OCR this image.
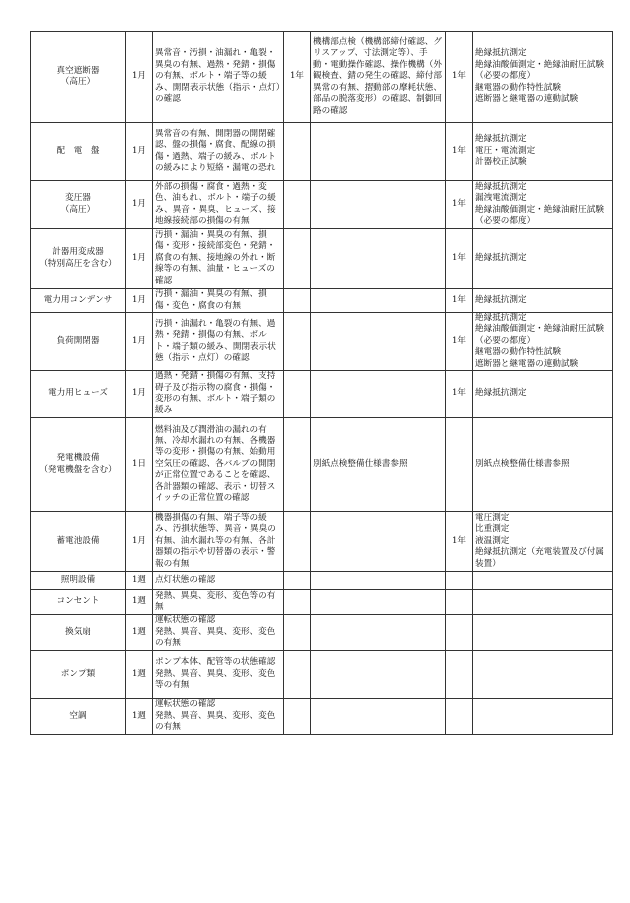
真空遮断器
（高圧）	1月	異常音・汚損・油漏れ・亀裂・異臭の有無、過熱・発錆・損傷の有無、ボルト・端子等の緩み、開閉表示状態（指示・点灯）の確認	1年	機構部点検（機構部締付確認、グリスアップ、寸法測定等）、手動・電動操作確認、操作機構（外観検査、錆の発生の確認、締付部異常の有無、摺動部の摩耗状態、部品の脱落変形）の確認、制御回路の確認	1年	絶縁抵抗測定
絶縁油酸価測定・絶縁油耐圧試験（必要の都度）
継電器の動作特性試験
遮断器と継電器の連動試験
配　電　盤	1月	異常音の有無、開閉器の開閉確認、盤の損傷・腐食、配線の損傷・過熱、端子の緩み、ボルトの緩みにより短絡・漏電の恐れ			1年	絶縁抵抗測定
電圧・電流測定
計器校正試験
変圧器
（高圧）	1月	外部の損傷・腐食・過熱・変色、油もれ、ボルト・端子の緩み、異音・異臭、ヒューズ、接地線接続部の損傷の有無			1年	絶縁抵抗測定
漏洩電流測定
絶縁油酸価測定・絶縁油耐圧試験（必要の都度）
計器用変成器
（特別高圧を含む）	1月	汚損・漏油・異臭の有無、損傷・変形・接続部変色・発錆・腐食の有無、接地線の外れ・断線等の有無、油量・ヒューズの確認			1年	絶縁抵抗測定
電力用コンデンサ	1月	汚損・漏油・異臭の有無、損傷・変色・腐食の有無			1年	絶縁抵抗測定
負荷開閉器	1月	汚損・油漏れ・亀裂の有無、過熱・発錆・損傷の有無、ボルト・端子類の緩み、開閉表示状態（指示・点灯）の確認			1年	絶縁抵抗測定
絶縁油酸価測定・絶縁油耐圧試験（必要の都度）
継電器の動作特性試験
遮断器と継電器の連動試験
電力用ヒューズ	1月	過熱・発錆・損傷の有無、支持碍子及び指示物の腐食・損傷・変形の有無、ボルト・端子類の緩み			1年	絶縁抵抗測定
発電機設備
（発電機盤を含む）	1日	燃料油及び潤滑油の漏れの有無、冷却水漏れの有無、各機器等の変形・損傷の有無、始動用空気圧の確認、各バルブの開閉が正常位置であることを確認、各計器類の確認、表示・切替スイッチの正常位置の確認		別紙点検整備仕様書参照		別紙点検整備仕様書参照
蓄電池設備	1月	機器損傷の有無、端子等の緩み、汚損状態等、異音・異臭の有無、油水漏れ等の有無、各計器類の指示や切替器の表示・警報の有無			1年	電圧測定
比重測定
液温測定
絶縁抵抗測定（充電装置及び付属装置）
照明設備	1週	点灯状態の確認				
コンセント	1週	発熱、異臭、変形、変色等の有無				
換気扇	1週	運転状態の確認
発熱、異音、異臭、変形、変色の有無				
ポンプ類	1週	ポンプ本体、配管等の状態確認
発熱、異音、異臭、変形、変色等の有無				
空調	1週	運転状態の確認
発熱、異音、異臭、変形、変色の有無				
